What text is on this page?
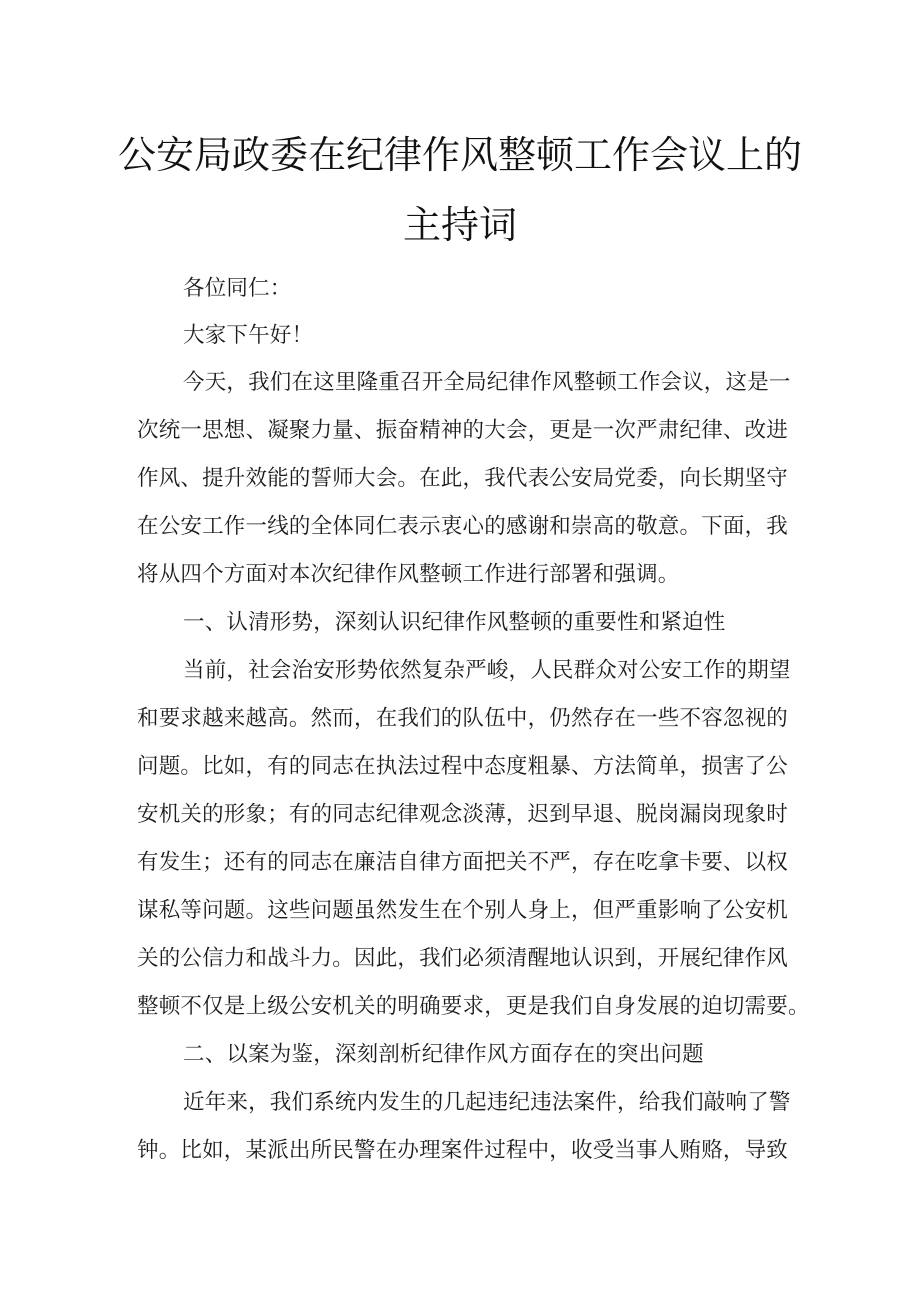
公安局政委在纪律作风整顿工作会议上的
主持词
各位同仁：
大家下午好！
今天，我们在这里隆重召开全局纪律作风整顿工作会议，这是一
次统一思想、凝聚力量、振奋精神的大会，更是一次严肃纪律、改进
作风、提升效能的誓师大会。在此，我代表公安局党委，向长期坚守
在公安工作一线的全体同仁表示衷心的感谢和崇高的敬意。下面，我
将从四个方面对本次纪律作风整顿工作进行部署和强调。
一、认清形势，深刻认识纪律作风整顿的重要性和紧迫性
当前，社会治安形势依然复杂严峻，人民群众对公安工作的期望
和要求越来越高。然而，在我们的队伍中，仍然存在一些不容忽视的
问题。比如，有的同志在执法过程中态度粗暴、方法简单，损害了公
安机关的形象；有的同志纪律观念淡薄，迟到早退、脱岗漏岗现象时
有发生；还有的同志在廉洁自律方面把关不严，存在吃拿卡要、以权
谋私等问题。这些问题虽然发生在个别人身上，但严重影响了公安机
关的公信力和战斗力。因此，我们必须清醒地认识到，开展纪律作风
整顿不仅是上级公安机关的明确要求，更是我们自身发展的迫切需要。
二、以案为鉴，深刻剖析纪律作风方面存在的突出问题
近年来，我们系统内发生的几起违纪违法案件，给我们敲响了警
钟。比如，某派出所民警在办理案件过程中，收受当事人贿赂，导致
